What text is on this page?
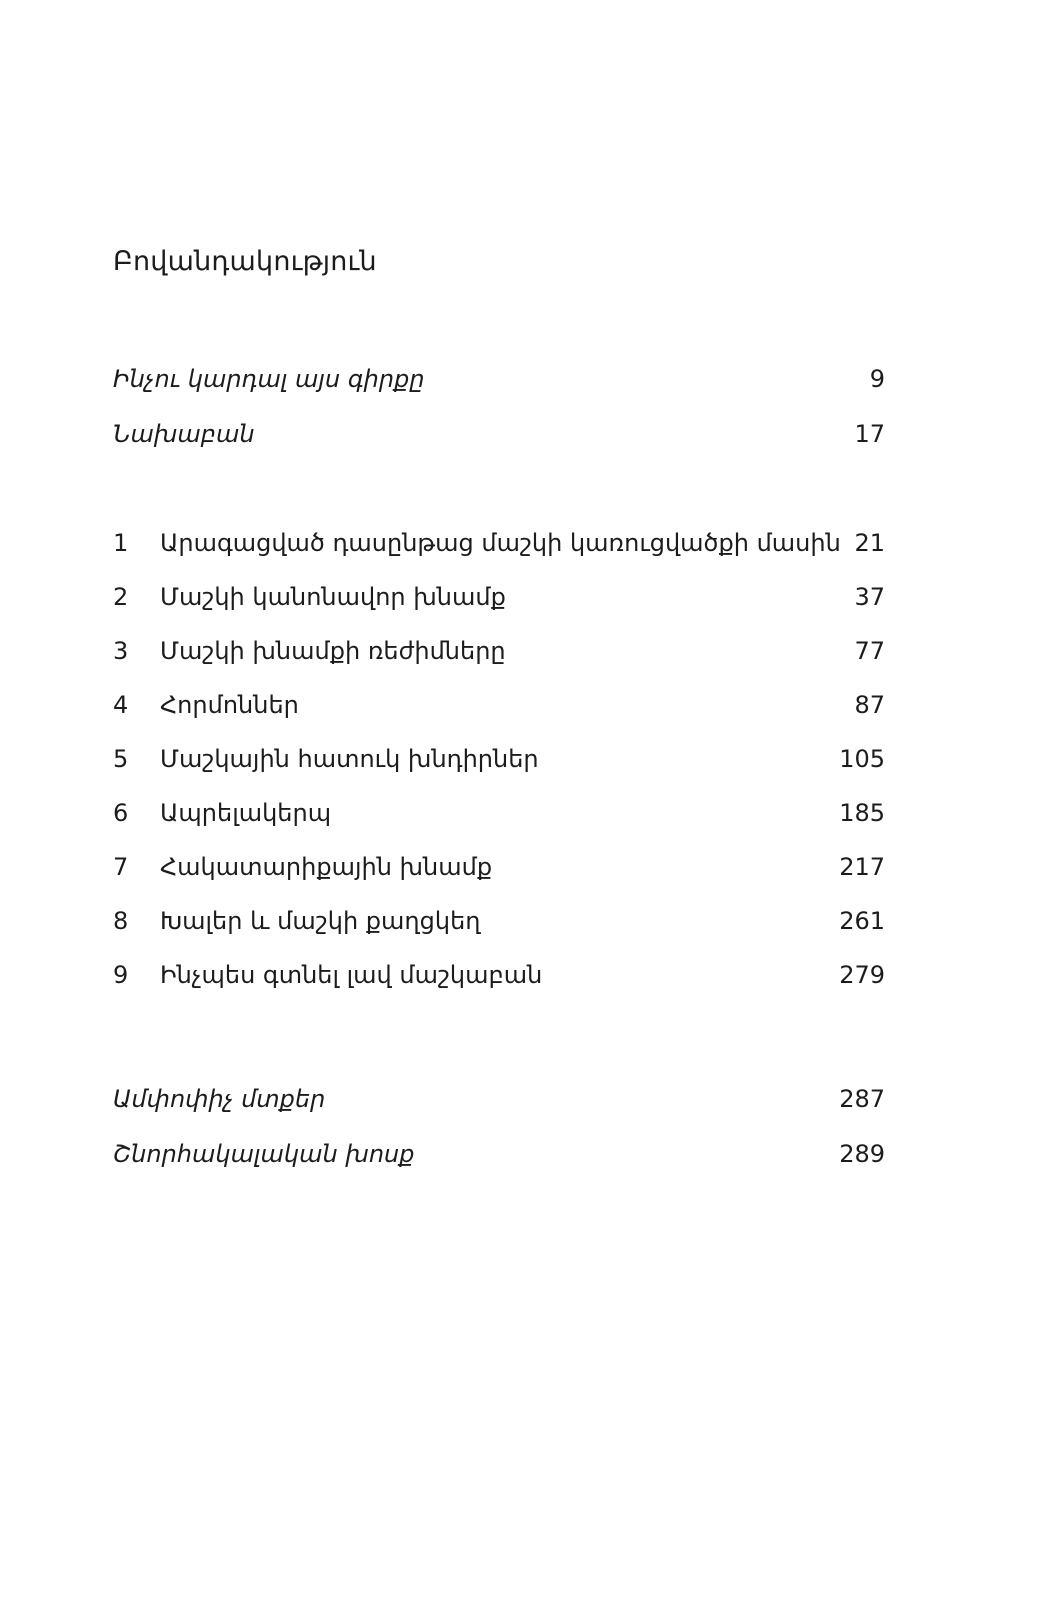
Բովանդակություն
Ինչու կարդալ այս գիրքը	9
Նախաբան	17
1	Արագացված դասընթաց մաշկի կառուցվածքի մասին 21
2	Մաշկի կանոնավոր խնամք	37
3	Մաշկի խնամքի ռեժիմները	77
4	Հորմոններ	87
5	Մաշկային հատուկ խնդիրներ	105
6	Ապրելակերպ	185
7	Հակատարիքային խնամք	217
8	Խալեր և մաշկի քաղցկեղ	261
9	Ինչպես գտնել լավ մաշկաբան	279
Ամփոփիչ մտքեր	287
Շնորհակալական խոսք	289
